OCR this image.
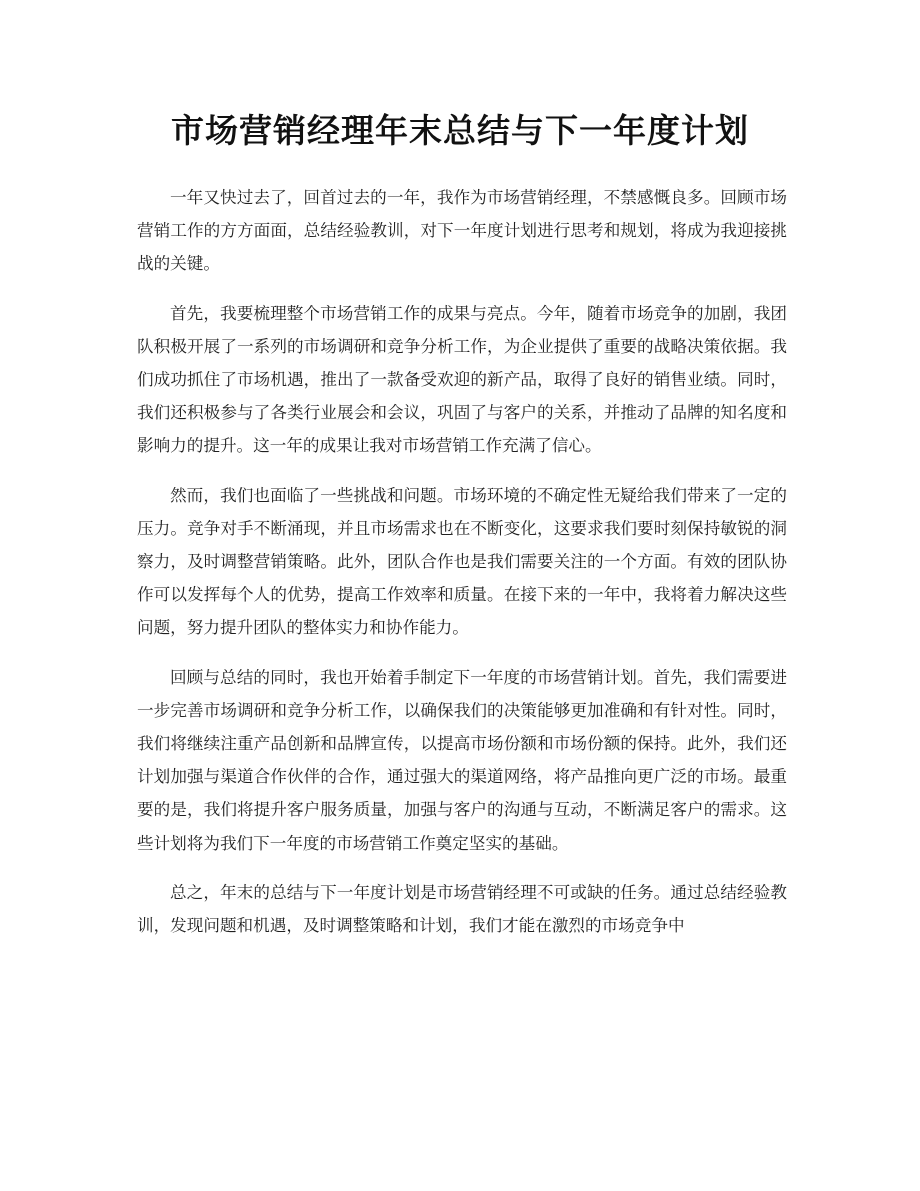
市场营销经理年末总结与下一年度计划

一年又快过去了，回首过去的一年，我作为市场营销经理，不禁感慨良多。回顾市场营销工作的方方面面，总结经验教训，对下一年度计划进行思考和规划，将成为我迎接挑战的关键。

首先，我要梳理整个市场营销工作的成果与亮点。今年，随着市场竞争的加剧，我团队积极开展了一系列的市场调研和竞争分析工作，为企业提供了重要的战略决策依据。我们成功抓住了市场机遇，推出了一款备受欢迎的新产品，取得了良好的销售业绩。同时，我们还积极参与了各类行业展会和会议，巩固了与客户的关系，并推动了品牌的知名度和影响力的提升。这一年的成果让我对市场营销工作充满了信心。

然而，我们也面临了一些挑战和问题。市场环境的不确定性无疑给我们带来了一定的压力。竞争对手不断涌现，并且市场需求也在不断变化，这要求我们要时刻保持敏锐的洞察力，及时调整营销策略。此外，团队合作也是我们需要关注的一个方面。有效的团队协作可以发挥每个人的优势，提高工作效率和质量。在接下来的一年中，我将着力解决这些问题，努力提升团队的整体实力和协作能力。

回顾与总结的同时，我也开始着手制定下一年度的市场营销计划。首先，我们需要进一步完善市场调研和竞争分析工作，以确保我们的决策能够更加准确和有针对性。同时，我们将继续注重产品创新和品牌宣传，以提高市场份额和市场份额的保持。此外，我们还计划加强与渠道合作伙伴的合作，通过强大的渠道网络，将产品推向更广泛的市场。最重要的是，我们将提升客户服务质量，加强与客户的沟通与互动，不断满足客户的需求。这些计划将为我们下一年度的市场营销工作奠定坚实的基础。

总之，年末的总结与下一年度计划是市场营销经理不可或缺的任务。通过总结经验教训，发现问题和机遇，及时调整策略和计划，我们才能在激烈的市场竞争中
